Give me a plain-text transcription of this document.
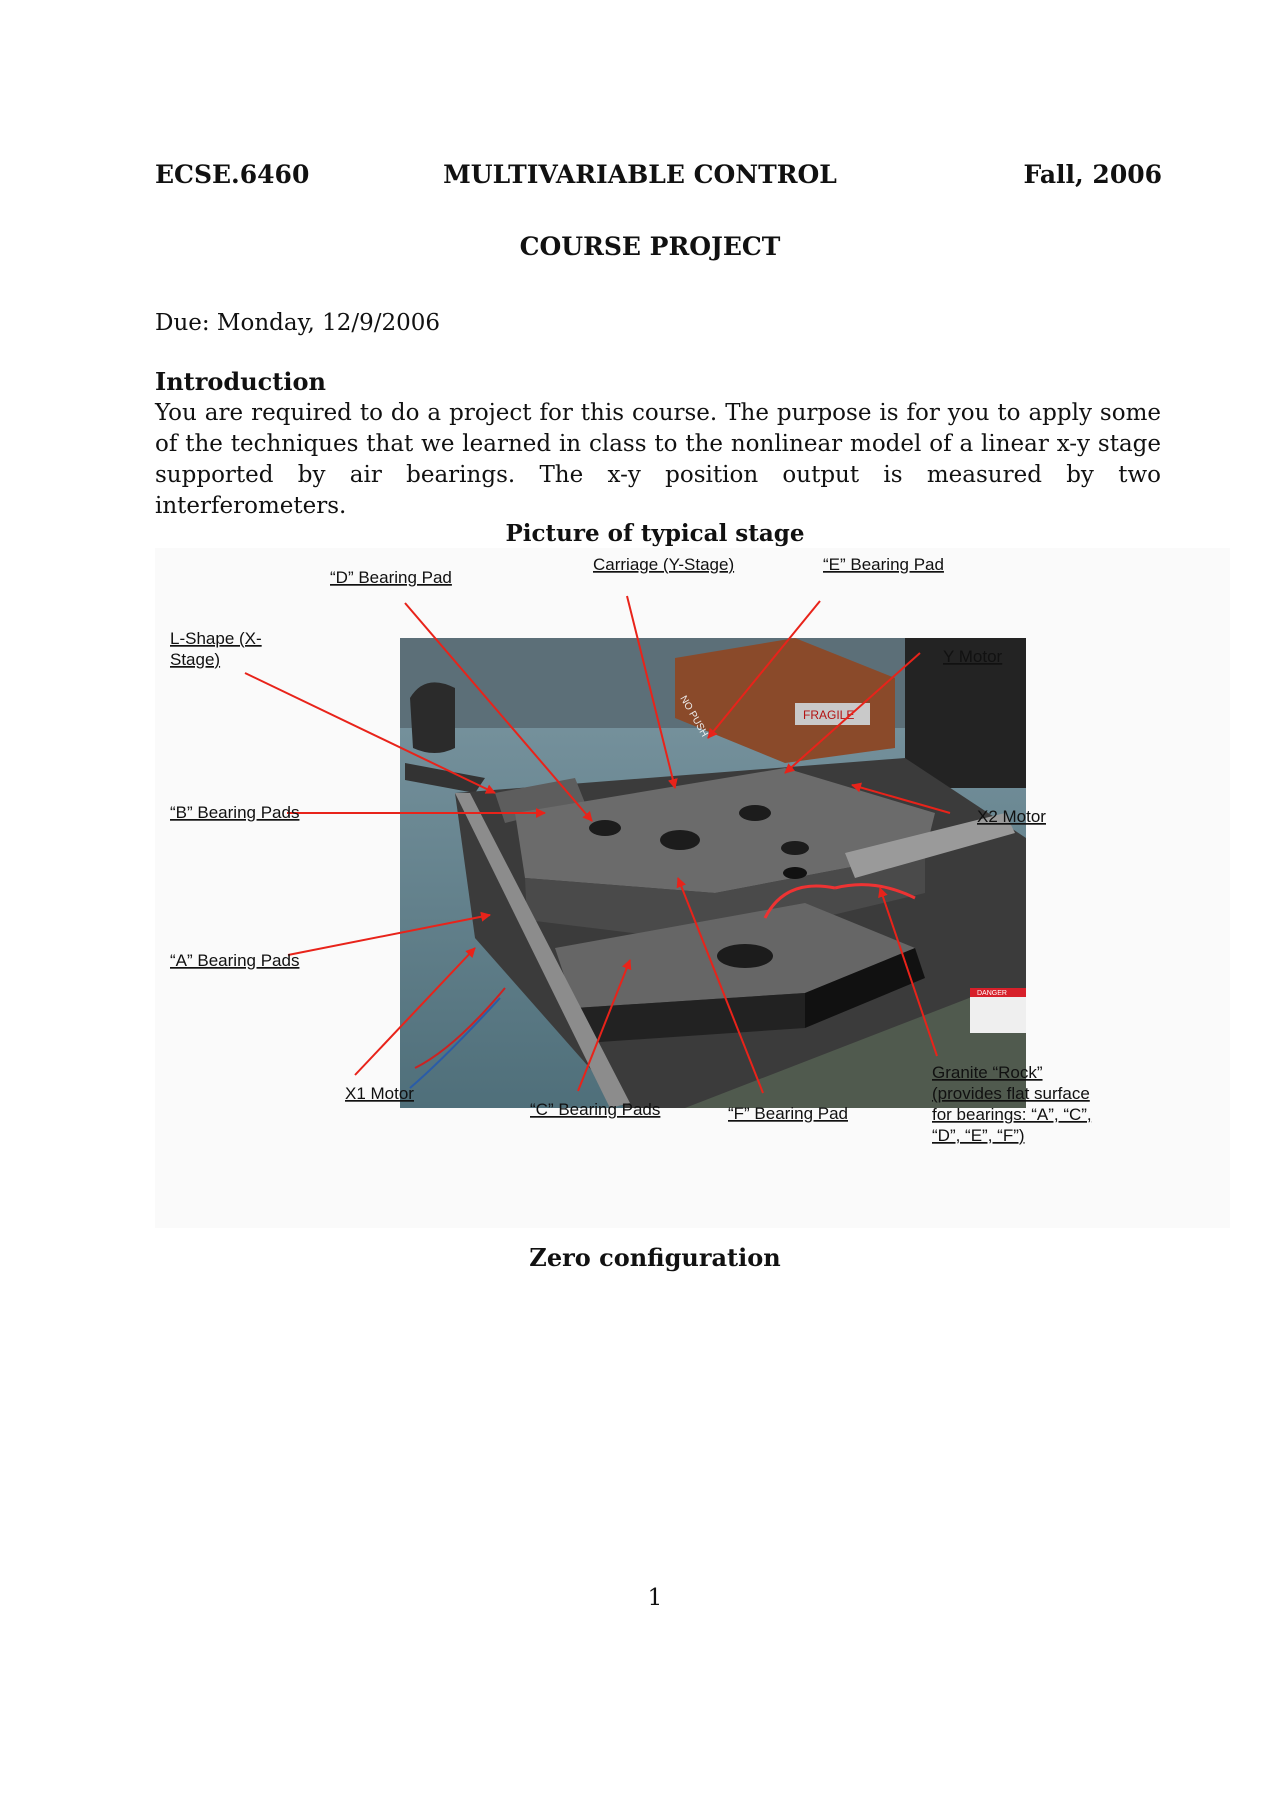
ECSE.6460	MULTIVARIABLE CONTROL	Fall, 2006
COURSE PROJECT
Due: Monday, 12/9/2006
Introduction
You are required to do a project for this course. The purpose is for you to apply some of the techniques that we learned in class to the nonlinear model of a linear x-y stage supported by air bearings. The x-y position output is measured by two interferometers.
Picture of typical stage
FRAGILE
NO PUSH
DANGER
“D” Bearing Pad
Carriage (Y-Stage)	“E” Bearing Pad
L-Shape (X-
Stage)	Y Motor
“B” Bearing Pads	X2 Motor
“A” Bearing Pads
X1 Motor
“C” Bearing Pads	“F” Bearing Pad
Granite “Rock”
(provides flat surface
for bearings: “A”, “C”,
“D”, “E”, “F”)
Zero configuration
1
